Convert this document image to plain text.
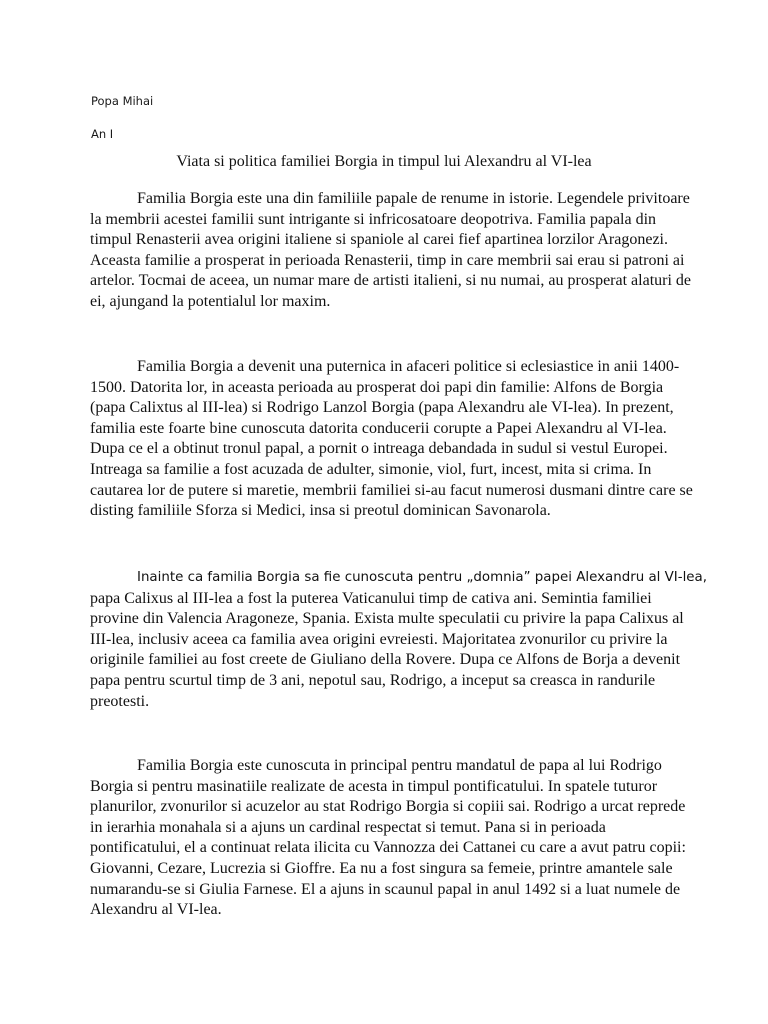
Popa Mihai
An I
Viata si politica familiei Borgia in timpul lui Alexandru al VI-lea
Familia Borgia este una din familiile papale de renume in istorie. Legendele privitoare
la membrii acestei familii sunt intrigante si infricosatoare deopotriva. Familia papala din
timpul Renasterii avea origini italiene si spaniole al carei fief apartinea lorzilor Aragonezi.
Aceasta familie a prosperat in perioada Renasterii, timp in care membrii sai erau si patroni ai
artelor. Tocmai de aceea, un numar mare de artisti italieni, si nu numai, au prosperat alaturi de
ei, ajungand la potentialul lor maxim.
Familia Borgia a devenit una puternica in afaceri politice si eclesiastice in anii 1400-
1500. Datorita lor, in aceasta perioada au prosperat doi papi din familie: Alfons de Borgia
(papa Calixtus al III-lea) si Rodrigo Lanzol Borgia (papa Alexandru ale VI-lea). In prezent,
familia este foarte bine cunoscuta datorita conducerii corupte a Papei Alexandru al VI-lea.
Dupa ce el a obtinut tronul papal, a pornit o intreaga debandada in sudul si vestul Europei.
Intreaga sa familie a fost acuzada de adulter, simonie, viol, furt, incest, mita si crima. In
cautarea lor de putere si maretie, membrii familiei si-au facut numerosi dusmani dintre care se
disting familiile Sforza si Medici, insa si preotul dominican Savonarola.
Inainte ca familia Borgia sa fie cunoscuta pentru „domnia” papei Alexandru al VI-lea,
papa Calixus al III-lea a fost la puterea Vaticanului timp de cativa ani. Semintia familiei
provine din Valencia Aragoneze, Spania. Exista multe speculatii cu privire la papa Calixus al
III-lea, inclusiv aceea ca familia avea origini evreiesti. Majoritatea zvonurilor cu privire la
originile familiei au fost creete de Giuliano della Rovere. Dupa ce Alfons de Borja a devenit
papa pentru scurtul timp de 3 ani, nepotul sau, Rodrigo, a inceput sa creasca in randurile
preotesti.
Familia Borgia este cunoscuta in principal pentru mandatul de papa al lui Rodrigo
Borgia si pentru masinatiile realizate de acesta in timpul pontificatului. In spatele tuturor
planurilor, zvonurilor si acuzelor au stat Rodrigo Borgia si copiii sai. Rodrigo a urcat reprede
in ierarhia monahala si a ajuns un cardinal respectat si temut. Pana si in perioada
pontificatului, el a continuat relata ilicita cu Vannozza dei Cattanei cu care a avut patru copii:
Giovanni, Cezare, Lucrezia si Gioffre. Ea nu a fost singura sa femeie, printre amantele sale
numarandu-se si Giulia Farnese. El a ajuns in scaunul papal in anul 1492 si a luat numele de
Alexandru al VI-lea.
